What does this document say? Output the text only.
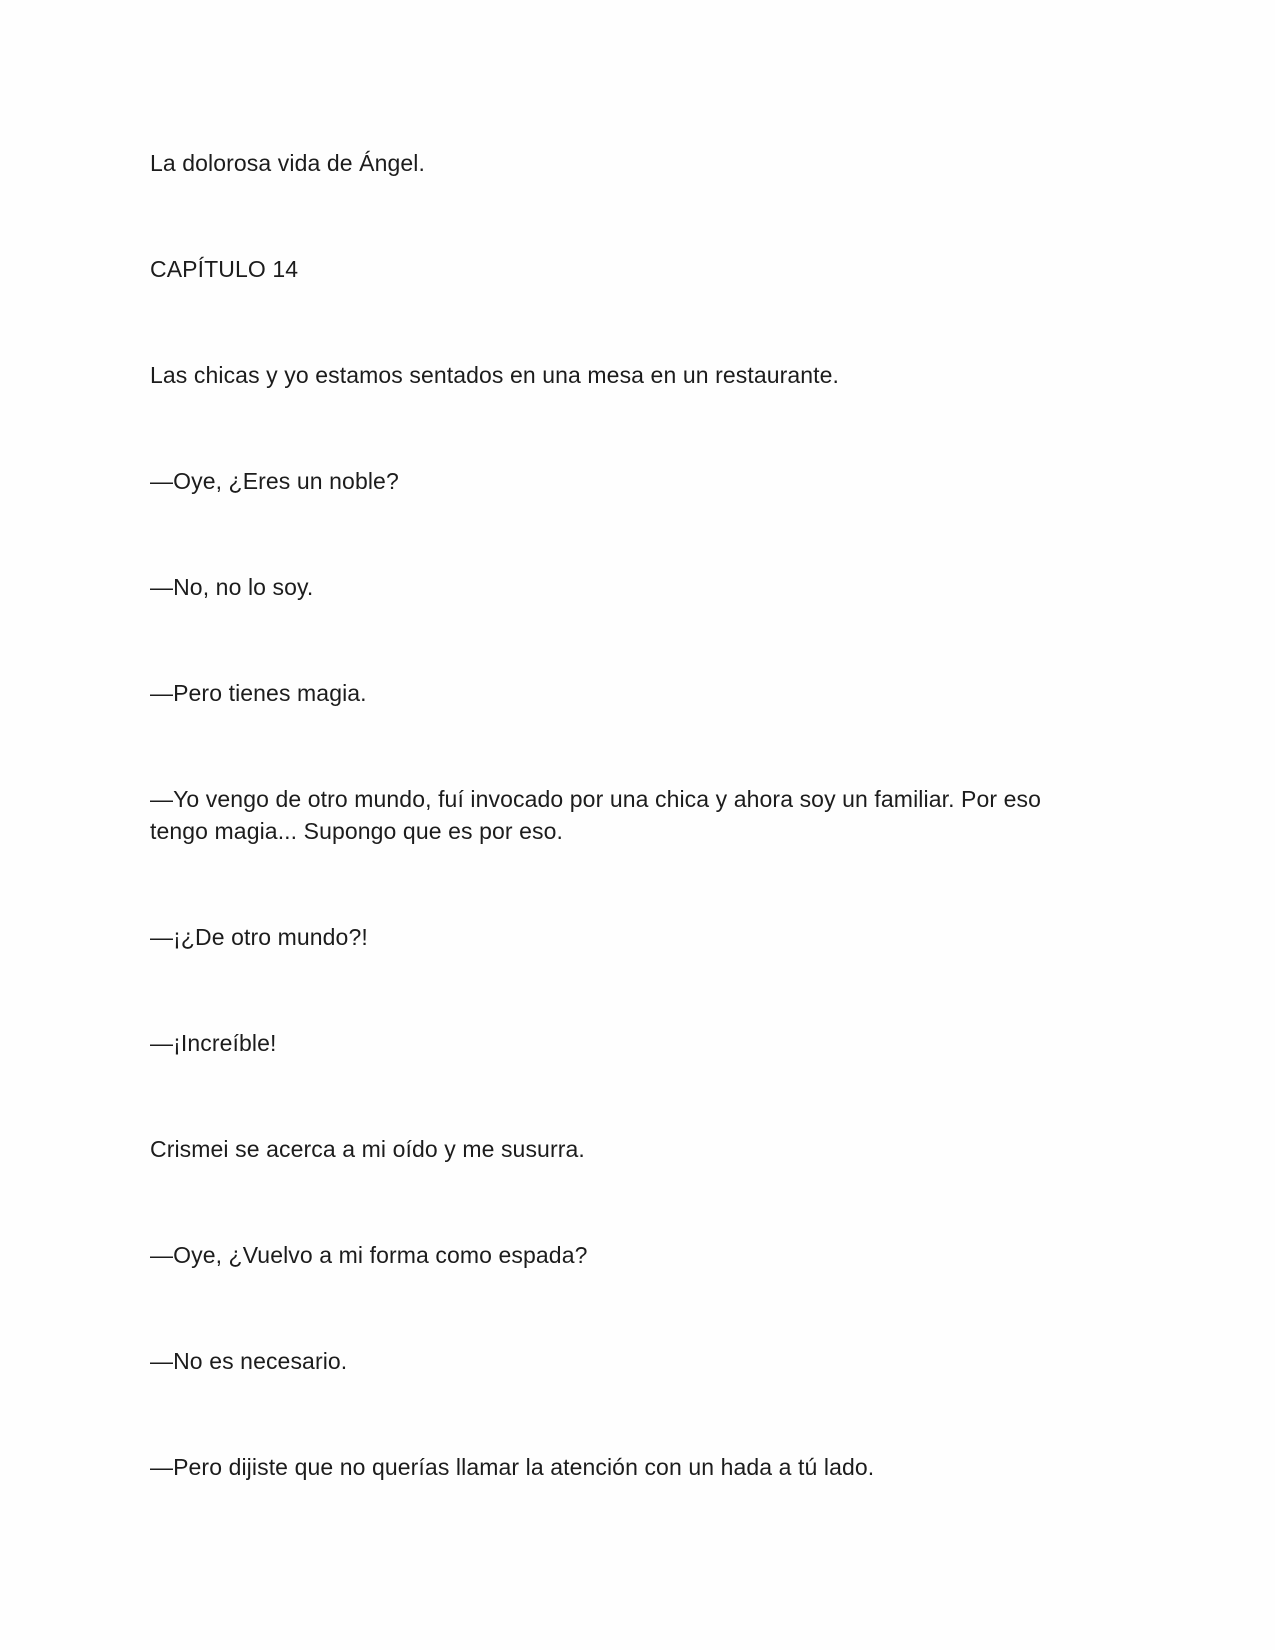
La dolorosa vida de Ángel.

CAPÍTULO 14

Las chicas y yo estamos sentados en una mesa en un restaurante.

—Oye, ¿Eres un noble?

—No, no lo soy.

—Pero tienes magia.

—Yo vengo de otro mundo, fuí invocado por una chica y ahora soy un familiar. Por eso tengo magia... Supongo que es por eso.

—¡¿De otro mundo?!

—¡Increíble!

Crismei se acerca a mi oído y me susurra.

—Oye, ¿Vuelvo a mi forma como espada?

—No es necesario.

—Pero dijiste que no querías llamar la atención con un hada a tú lado.
